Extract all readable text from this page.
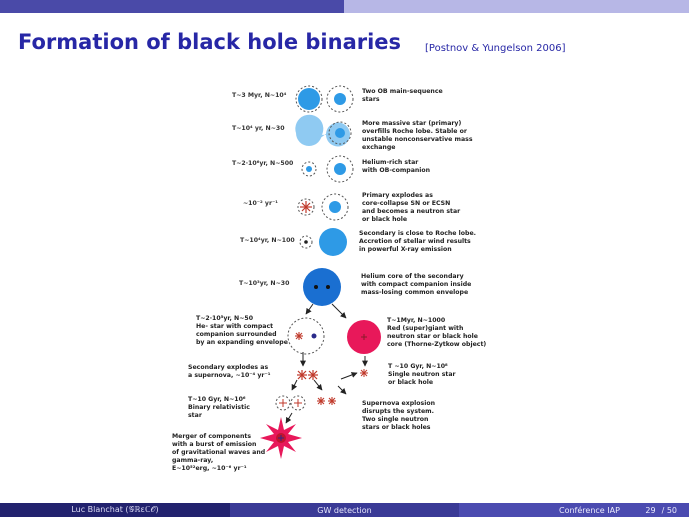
Formation of black hole binaries [Postnov & Yungelson 2006]
T~3 Myr, N~10⁴
Two OB main-sequence
stars
T~10⁴ yr, N~30
More massive star (primary)
overfills Roche lobe. Stable or
unstable nonconservative mass
exchange
T~2·10⁶yr, N~500	Helium-rich star
with OB-companion
~10⁻² yr⁻¹
Primary explodes as
core-collapse SN or ECSN
and becomes a neutron star
or black hole
T~10⁴yr, N~100
Secondary is close to Roche lobe.
Accretion of stellar wind results
in powerful X-ray emission
T~10³yr, N~30
Helium core of the secondary
with compact companion inside
mass-losing common envelope
T~2·10⁵yr, N~50
He- star with compact
companion surrounded
by an expanding envelope
T~1Myr, N~1000
Red (super)giant with
neutron star or black hole
core (Thorne-Zytkow object)
Secondary explodes as
a supernova, ~10⁻⁴ yr⁻¹
T ~10 Gyr, N~10⁸
Single neutron star
or black hole
T~10 Gyr, N~10⁶
Binary relativistic
star
Supernova explosion
disrupts the system.
Two single neutron
stars or black holes
Merger of components
with a burst of emission
of gravitational waves and
gamma-ray,
E~10⁵²erg, ~10⁻⁶ yr⁻¹
Luc Blanchat (𝒢ℝεℂ𝒪)	GW detection	Conférence IAP	29 / 50
